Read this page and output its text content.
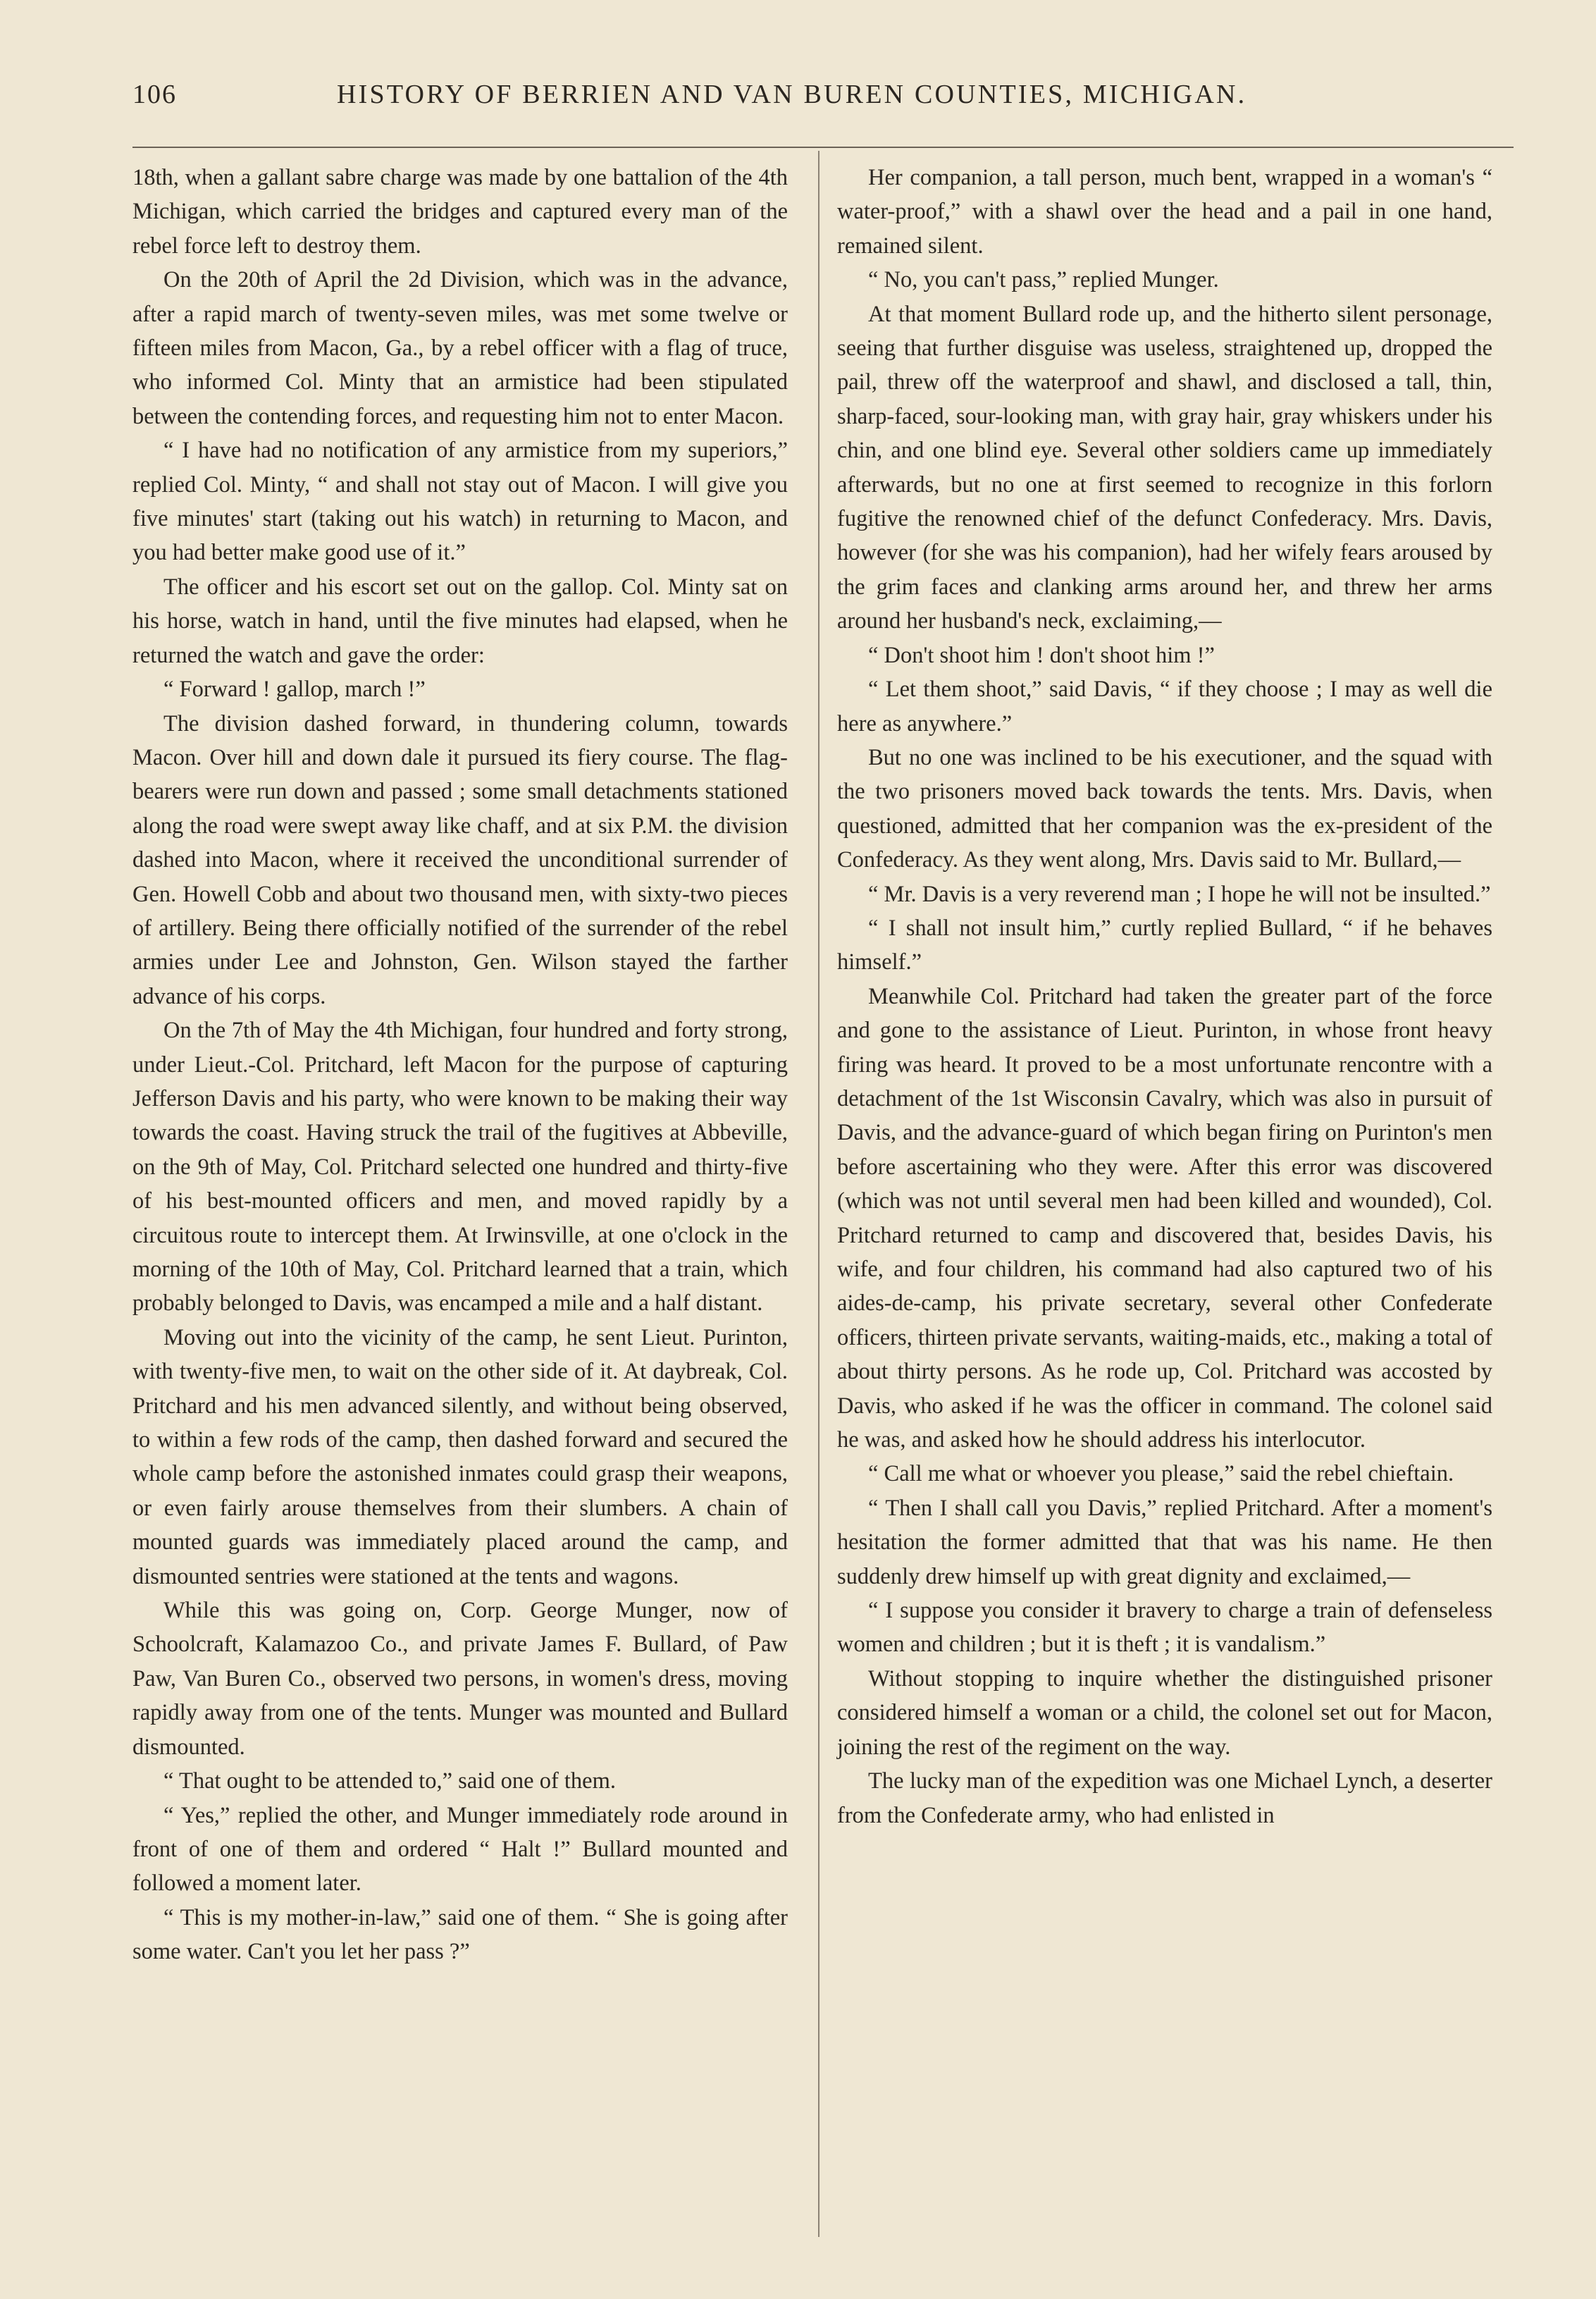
106	HISTORY OF BERRIEN AND VAN BUREN COUNTIES, MICHIGAN.

18th, when a gallant sabre charge was made by one battalion of the 4th Michigan, which carried the bridges and captured every man of the rebel force left to destroy them.

On the 20th of April the 2d Division, which was in the advance, after a rapid march of twenty-seven miles, was met some twelve or fifteen miles from Macon, Ga., by a rebel officer with a flag of truce, who informed Col. Minty that an armistice had been stipulated between the contending forces, and requesting him not to enter Macon.

“ I have had no notification of any armistice from my superiors,” replied Col. Minty, “ and shall not stay out of Macon. I will give you five minutes' start (taking out his watch) in returning to Macon, and you had better make good use of it.”

The officer and his escort set out on the gallop. Col. Minty sat on his horse, watch in hand, until the five minutes had elapsed, when he returned the watch and gave the order:

“ Forward ! gallop, march !”

The division dashed forward, in thundering column, towards Macon. Over hill and down dale it pursued its fiery course. The flag-bearers were run down and passed ; some small detachments stationed along the road were swept away like chaff, and at six P.M. the division dashed into Macon, where it received the unconditional surrender of Gen. Howell Cobb and about two thousand men, with sixty-two pieces of artillery. Being there officially notified of the surrender of the rebel armies under Lee and Johnston, Gen. Wilson stayed the farther advance of his corps.

On the 7th of May the 4th Michigan, four hundred and forty strong, under Lieut.-Col. Pritchard, left Macon for the purpose of capturing Jefferson Davis and his party, who were known to be making their way towards the coast. Having struck the trail of the fugitives at Abbeville, on the 9th of May, Col. Pritchard selected one hundred and thirty-five of his best-mounted officers and men, and moved rapidly by a circuitous route to intercept them. At Irwinsville, at one o'clock in the morning of the 10th of May, Col. Pritchard learned that a train, which probably belonged to Davis, was encamped a mile and a half distant.

Moving out into the vicinity of the camp, he sent Lieut. Purinton, with twenty-five men, to wait on the other side of it. At daybreak, Col. Pritchard and his men advanced silently, and without being observed, to within a few rods of the camp, then dashed forward and secured the whole camp before the astonished inmates could grasp their weapons, or even fairly arouse themselves from their slumbers. A chain of mounted guards was immediately placed around the camp, and dismounted sentries were stationed at the tents and wagons.

While this was going on, Corp. George Munger, now of Schoolcraft, Kalamazoo Co., and private James F. Bullard, of Paw Paw, Van Buren Co., observed two persons, in women's dress, moving rapidly away from one of the tents. Munger was mounted and Bullard dismounted.

“ That ought to be attended to,” said one of them.

“ Yes,” replied the other, and Munger immediately rode around in front of one of them and ordered “ Halt !” Bullard mounted and followed a moment later.

“ This is my mother-in-law,” said one of them. “ She is going after some water. Can't you let her pass ?”

Her companion, a tall person, much bent, wrapped in a woman's “ water-proof,” with a shawl over the head and a pail in one hand, remained silent.

“ No, you can't pass,” replied Munger.

At that moment Bullard rode up, and the hitherto silent personage, seeing that further disguise was useless, straightened up, dropped the pail, threw off the waterproof and shawl, and disclosed a tall, thin, sharp-faced, sour-looking man, with gray hair, gray whiskers under his chin, and one blind eye. Several other soldiers came up immediately afterwards, but no one at first seemed to recognize in this forlorn fugitive the renowned chief of the defunct Confederacy. Mrs. Davis, however (for she was his companion), had her wifely fears aroused by the grim faces and clanking arms around her, and threw her arms around her husband's neck, exclaiming,—

“ Don't shoot him ! don't shoot him !”

“ Let them shoot,” said Davis, “ if they choose ; I may as well die here as anywhere.”

But no one was inclined to be his executioner, and the squad with the two prisoners moved back towards the tents. Mrs. Davis, when questioned, admitted that her companion was the ex-president of the Confederacy. As they went along, Mrs. Davis said to Mr. Bullard,—

“ Mr. Davis is a very reverend man ; I hope he will not be insulted.”

“ I shall not insult him,” curtly replied Bullard, “ if he behaves himself.”

Meanwhile Col. Pritchard had taken the greater part of the force and gone to the assistance of Lieut. Purinton, in whose front heavy firing was heard. It proved to be a most unfortunate rencontre with a detachment of the 1st Wisconsin Cavalry, which was also in pursuit of Davis, and the advance-guard of which began firing on Purinton's men before ascertaining who they were. After this error was discovered (which was not until several men had been killed and wounded), Col. Pritchard returned to camp and discovered that, besides Davis, his wife, and four children, his command had also captured two of his aides-de-camp, his private secretary, several other Confederate officers, thirteen private servants, waiting-maids, etc., making a total of about thirty persons. As he rode up, Col. Pritchard was accosted by Davis, who asked if he was the officer in command. The colonel said he was, and asked how he should address his interlocutor.

“ Call me what or whoever you please,” said the rebel chieftain.

“ Then I shall call you Davis,” replied Pritchard. After a moment's hesitation the former admitted that that was his name. He then suddenly drew himself up with great dignity and exclaimed,—

“ I suppose you consider it bravery to charge a train of defenseless women and children ; but it is theft ; it is vandalism.”

Without stopping to inquire whether the distinguished prisoner considered himself a woman or a child, the colonel set out for Macon, joining the rest of the regiment on the way.

The lucky man of the expedition was one Michael Lynch, a deserter from the Confederate army, who had enlisted in
